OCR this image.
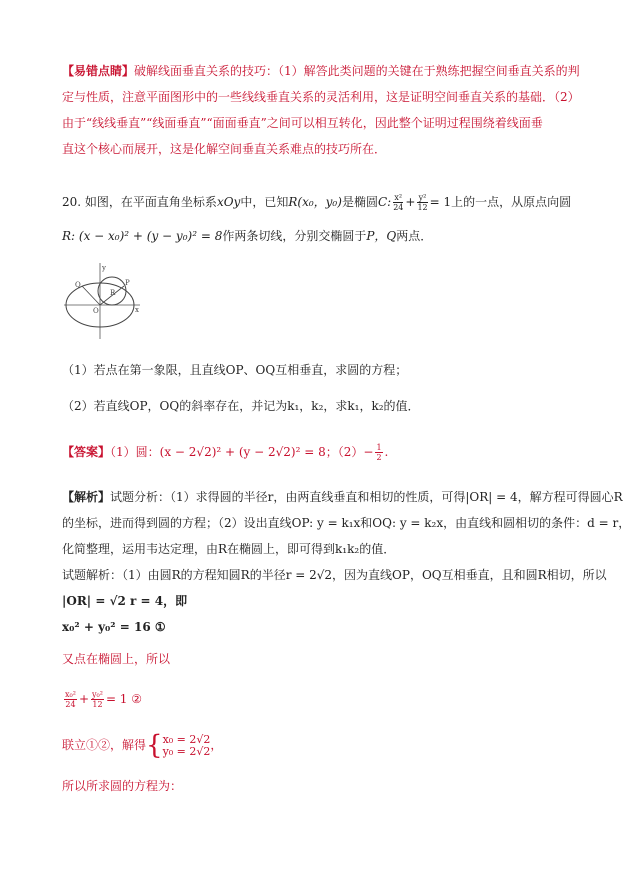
【易错点睛】破解线面垂直关系的技巧：（1）解答此类问题的关键在于熟练把握空间垂直关系的判
定与性质，注意平面图形中的一些线线垂直关系的灵活利用，这是证明空间垂直关系的基础．（2）
由于“线线垂直”“线面垂直”“面面垂直”之间可以相互转化，因此整个证明过程围绕着线面垂
直这个核心而展开，这是化解空间垂直关系难点的技巧所在．
20. 如图，在平面直角坐标系xOy中，已知R(x₀，y₀)是椭圆C: $\frac{\text{x²}}{24} + \frac{\text{y²}}{12} = 1$上的一点，从原点向圆
R: (x − x₀)² + (y − y₀)² = 8作两条切线，分别交椭圆于P，Q两点．
y
Q
R
P
O	x
（1）若点在第一象限，且直线OP、OQ互相垂直，求圆的方程；
（2）若直线OP，OQ的斜率存在，并记为k₁，k₂，求k₁，k₂的值．
【答案】（1）圆：(x − 2√2)² + (y − 2√2)² = 8；$(2)- \frac{1}{2}$ .
【解析】试题分析：（1）求得圆的半径r，由两直线垂直和相切的性质，可得|OR| = 4，解方程可得圆心R
的坐标，进而得到圆的方程；（2）设出直线OP: y = k₁x和OQ: y = k₂x，由直线和圆相切的条件：d = r，
化简整理，运用韦达定理，由R在椭圆上，即可得到k₁k₂的值．
试题解析：（1）由圆R的方程知圆R的半径r = 2√2，因为直线OP，OQ互相垂直，且和圆R相切，所以
|OR| = √2 r = 4，即
x₀² + y₀² = 16 ①
又点在椭圆上，所以
$\frac{\text{x₀²}}{24} + \frac{\text{y₀²}}{12} = 1$ ②
联立①②，解得{ x₀ = 2√2
y₀ = 2√2 ，
所以所求圆的方程为：
